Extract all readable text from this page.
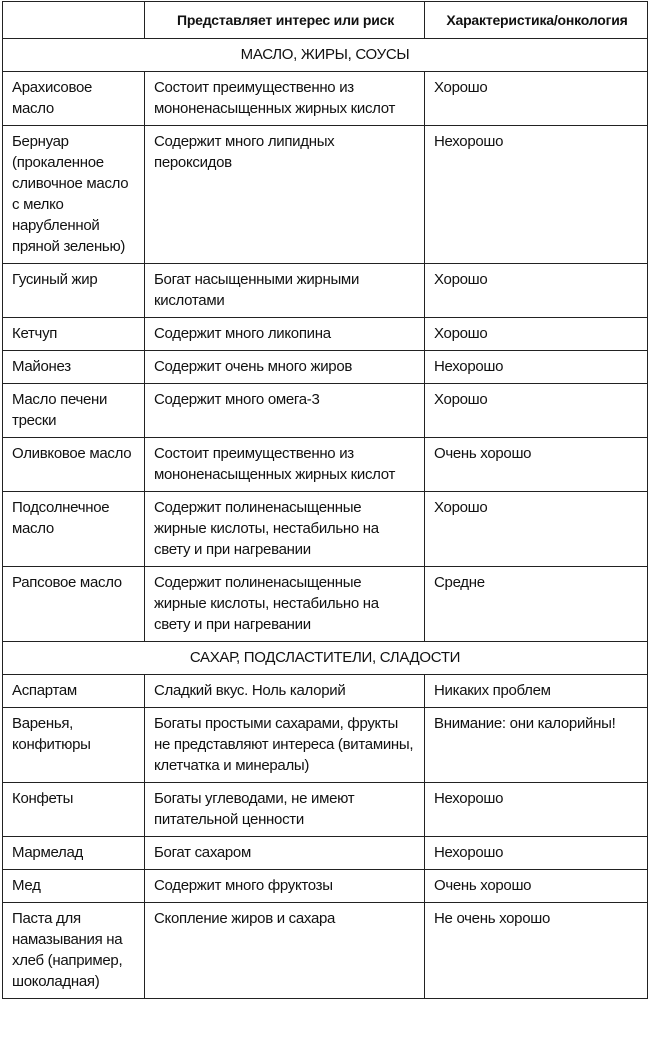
	Представляет интерес или риск	Характеристика/онкология
МАСЛО, ЖИРЫ, СОУСЫ		
Арахисовое масло	Состоит преимущественно из мононенасыщенных жирных кислот	Хорошо
Бернуар (прокаленное сливочное масло с мелко нарубленной пряной зеленью)	Содержит много липидных пероксидов	Нехорошо
Гусиный жир	Богат насыщенными жирными кислотами	Хорошо
Кетчуп	Содержит много ликопина	Хорошо
Майонез	Содержит очень много жиров	Нехорошо
Масло печени трески	Содержит много омега-3	Хорошо
Оливковое масло	Состоит преимущественно из мононенасыщенных жирных кислот	Очень хорошо
Подсолнечное масло	Содержит полиненасыщенные жирные кислоты, нестабильно на свету и при нагревании	Хорошо
Рапсовое масло	Содержит полиненасыщенные жирные кислоты, нестабильно на свету и при нагревании	Средне
САХАР, ПОДСЛАСТИТЕЛИ, СЛАДОСТИ		
Аспартам	Сладкий вкус. Ноль калорий	Никаких проблем
Варенья, конфитюры	Богаты простыми сахарами, фрукты не представляют интереса (витамины, клетчатка и минералы)	Внимание: они калорийны!
Конфеты	Богаты углеводами, не имеют питательной ценности	Нехорошо
Мармелад	Богат сахаром	Нехорошо
Мед	Содержит много фруктозы	Очень хорошо
Паста для намазывания на хлеб (например, шоколадная)	Скопление жиров и сахара	Не очень хорошо
